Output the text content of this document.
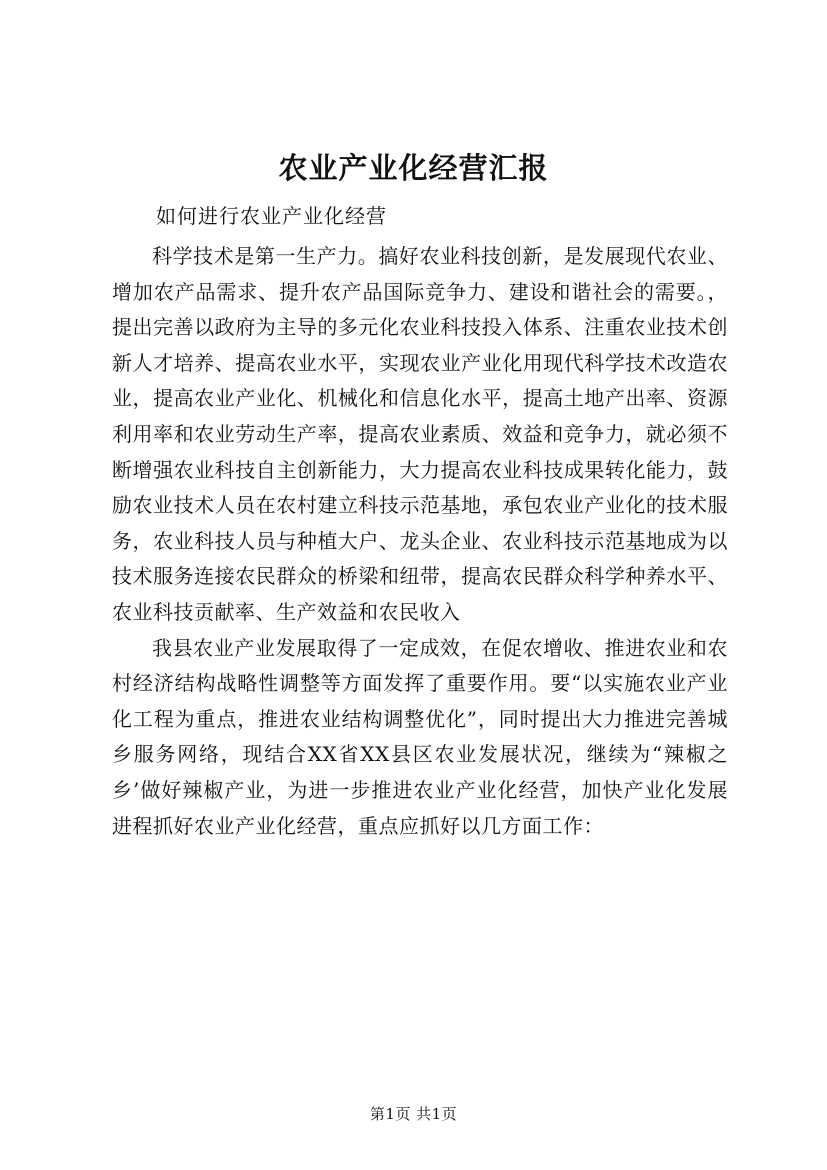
农业产业化经营汇报
如何进行农业产业化经营

科学技术是第一生产力。搞好农业科技创新，是发展现代农业、增加农产品需求、提升农产品国际竞争力、建设和谐社会的需要。，提出完善以政府为主导的多元化农业科技投入体系、注重农业技术创新人才培养、提高农业水平，实现农业产业化用现代科学技术改造农业，提高农业产业化、机械化和信息化水平，提高土地产出率、资源利用率和农业劳动生产率，提高农业素质、效益和竞争力，就必须不断增强农业科技自主创新能力，大力提高农业科技成果转化能力，鼓励农业技术人员在农村建立科技示范基地，承包农业产业化的技术服务，农业科技人员与种植大户、龙头企业、农业科技示范基地成为以技术服务连接农民群众的桥梁和纽带，提高农民群众科学种养水平、农业科技贡献率、生产效益和农民收入

我县农业产业发展取得了一定成效，在促农增收、推进农业和农村经济结构战略性调整等方面发挥了重要作用。要“以实施农业产业化工程为重点，推进农业结构调整优化”，同时提出大力推进完善城乡服务网络，现结合XX省XX县区农业发展状况，继续为“辣椒之乡’做好辣椒产业，为进一步推进农业产业化经营，加快产业化发展进程抓好农业产业化经营，重点应抓好以几方面工作：

第1页 共1页
